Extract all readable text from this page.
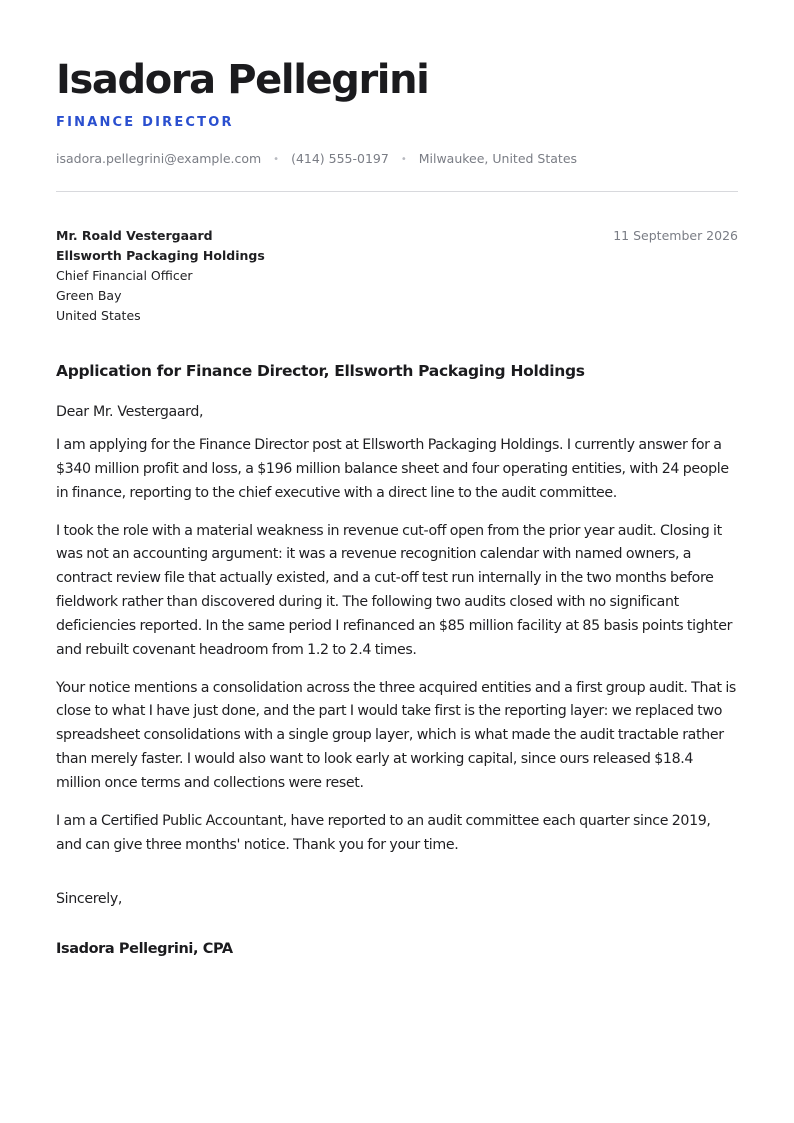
Isadora Pellegrini
FINANCE DIRECTOR
isadora.pellegrini@example.com • (414) 555-0197 • Milwaukee, United States
Mr. Roald Vestergaard
Ellsworth Packaging Holdings
Chief Financial Officer
Green Bay
United States
11 September 2026
Application for Finance Director, Ellsworth Packaging Holdings
Dear Mr. Vestergaard,

I am applying for the Finance Director post at Ellsworth Packaging Holdings. I currently answer for a $340 million profit and loss, a $196 million balance sheet and four operating entities, with 24 people in finance, reporting to the chief executive with a direct line to the audit committee.

I took the role with a material weakness in revenue cut-off open from the prior year audit. Closing it was not an accounting argument: it was a revenue recognition calendar with named owners, a contract review file that actually existed, and a cut-off test run internally in the two months before fieldwork rather than discovered during it. The following two audits closed with no significant deficiencies reported. In the same period I refinanced an $85 million facility at 85 basis points tighter and rebuilt covenant headroom from 1.2 to 2.4 times.

Your notice mentions a consolidation across the three acquired entities and a first group audit. That is close to what I have just done, and the part I would take first is the reporting layer: we replaced two spreadsheet consolidations with a single group layer, which is what made the audit tractable rather than merely faster. I would also want to look early at working capital, since ours released $18.4 million once terms and collections were reset.

I am a Certified Public Accountant, have reported to an audit committee each quarter since 2019, and can give three months' notice. Thank you for your time.

Sincerely,
Isadora Pellegrini, CPA
